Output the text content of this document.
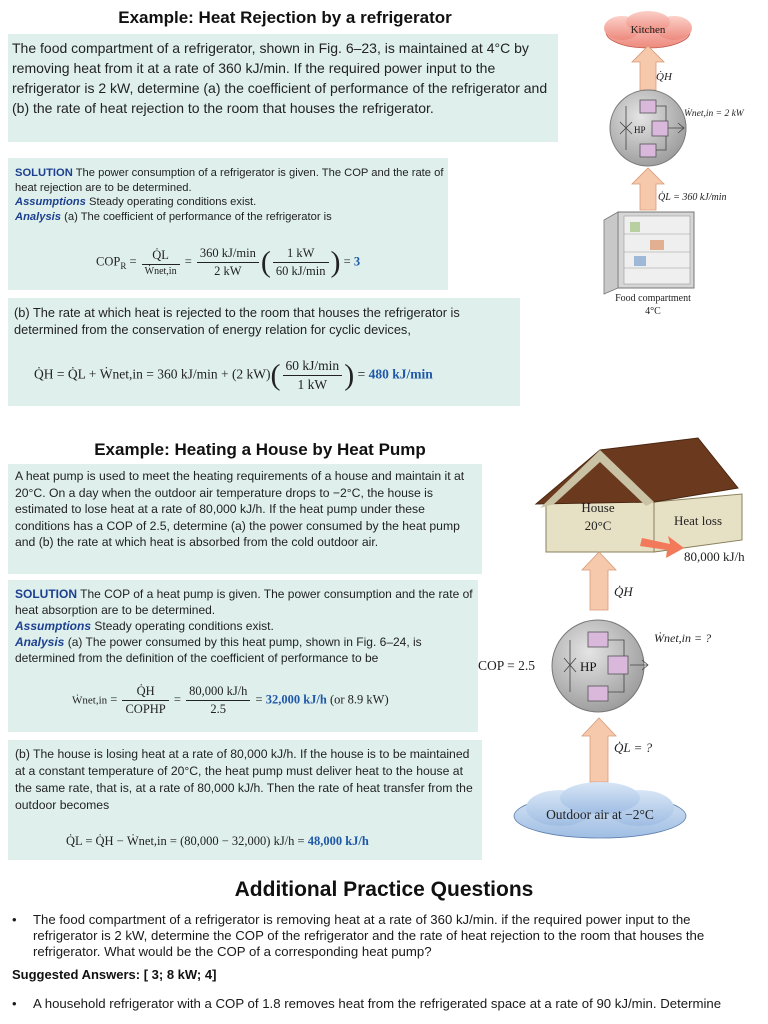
Example: Heat Rejection by a refrigerator
The food compartment of a refrigerator, shown in Fig. 6–23, is maintained at 4°C by removing heat from it at a rate of 360 kJ/min. If the required power input to the refrigerator is 2 kW, determine (a) the coefficient of performance of the refrigerator and (b) the rate of heat rejection to the room that houses the refrigerator.
SOLUTION The power consumption of a refrigerator is given. The COP and the rate of heat rejection are to be determined.
Assumptions Steady operating conditions exist.
Analysis (a) The coefficient of performance of the refrigerator is
$COP_R = \frac{Q̇L}{\text{Ẇnet,in}} = \frac{360 kJ/\min}{2 kW}$ ( $\frac{1 kW}{60 kJ/\min}$ ) = 3
(b) The rate at which heat is rejected to the room that houses the refrigerator is determined from the conservation of energy relation for cyclic devices,
Q̇H = Q̇L + Ẇnet,in = 360 kJ/min + (2 $kW)( \frac{60 kJ/\min}{1 kW}$ ) = 480 kJ/min
Kitchen
Q̇H
HP
Ẇnet,in = 2 kW
Q̇L = 360 kJ/min
Food compartment
4°C
Example: Heating a House by Heat Pump
A heat pump is used to meet the heating requirements of a house and maintain it at 20°C. On a day when the outdoor air temperature drops to −2°C, the house is estimated to lose heat at a rate of 80,000 kJ/h. If the heat pump under these conditions has a COP of 2.5, determine (a) the power consumed by the heat pump and (b) the rate at which heat is absorbed from the cold outdoor air.
SOLUTION The COP of a heat pump is given. The power consumption and the rate of heat absorption are to be determined.
Assumptions Steady operating conditions exist.
Analysis (a) The power consumed by this heat pump, shown in Fig. 6–24, is determined from the definition of the coefficient of performance to be
Ẇnet,in = $\frac{Q̇H}{\text{COPHP}} = \frac{80,000 kJ/h}{2.5} = 32,000$ kJ/h (or 8.9 kW)
(b) The house is losing heat at a rate of 80,000 kJ/h. If the house is to be maintained at a constant temperature of 20°C, the heat pump must deliver heat to the house at the same rate, that is, at a rate of 80,000 kJ/h. Then the rate of heat transfer from the outdoor becomes
Q̇L = Q̇H − Ẇnet,in = (80,000 − 32,000) kJ/h = 48,000 kJ/h
House
20°C	Heat loss
80,000 kJ/h
Q̇H
HP
Ẇnet,in = ?
COP = 2.5
Q̇L = ?
Outdoor air at −2°C
Additional Practice Questions
• The food compartment of a refrigerator is removing heat at a rate of 360 kJ/min. if the required power input to the refrigerator is 2 kW, determine the COP of the refrigerator and the rate of heat rejection to the room that houses the refrigerator. What would be the COP of a corresponding heat pump?
Suggested Answers: [ 3; 8 kW; 4]
• A household refrigerator with a COP of 1.8 removes heat from the refrigerated space at a rate of 90 kJ/min. Determine
